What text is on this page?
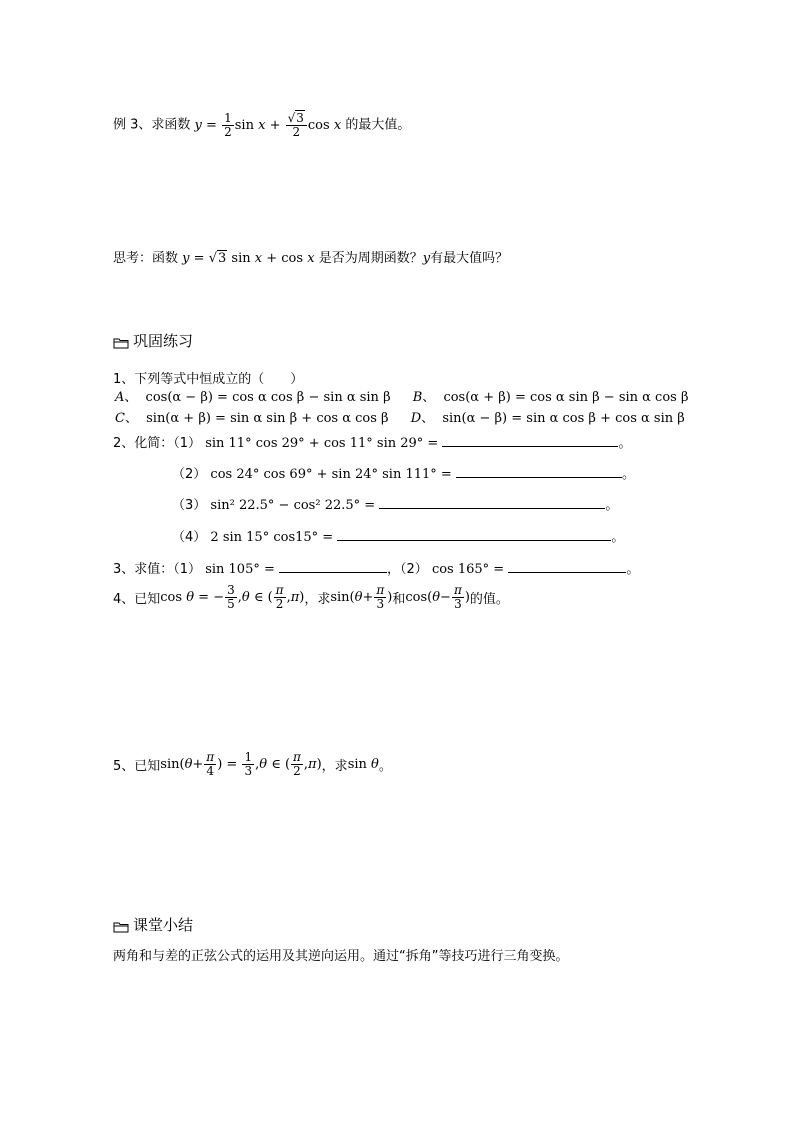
例 3、求函数 $y = \frac{1}{2}$ $\sin x + \frac{√3}{2}$ cos x 的最大值。
思考：函数 y = √3 sin x + cos x 是否为周期函数？y有最大值吗？
巩固练习
1、下列等式中恒成立的（　　）
A、 cos(α − β) = cos α cos β − sin α sin β B、 cos(α + β) = cos α sin β − sin α cos β
C、 sin(α + β) = sin α sin β + cos α cos β D、 sin(α − β) = sin α cos β + cos α sin β
2、化简：（1） sin 11° cos 29° + cos 11° sin 29° =	。
（2） cos 24° cos 69° + sin 24° sin 111° =	。
（3） sin² 22.5° − cos² 22.5° =	。
（4） 2 sin 15° cos15° =	。
3、求值：（1） sin 105° =	，（2） cos 165° =	。
4、已知 cos
θ
= − $\frac{3}{5}$ , θ
∈ ( $\frac{\pi}{2}$ , π ) ，求 sin( $\theta + \frac{\pi}{3}$ ) 和 cos( $\theta - \frac{\pi}{3}$ ) 的值。
5、已知 sin( $\theta + \frac{\pi}{4}$ ) =
$\frac{1}{3}$ , θ
∈ ( $\frac{\pi}{2}$ , π ) ，求 sin
θ 。
课堂小结
两角和与差的正弦公式的运用及其逆向运用。通过“拆角”等技巧进行三角变换。
